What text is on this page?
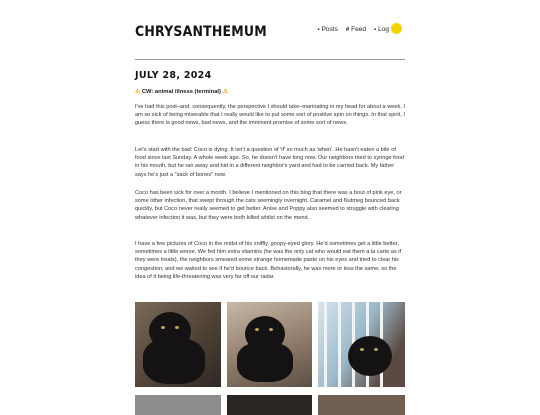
CHRYSANTHEMUM	▪ Posts # Feed ▪ Log
JULY 28, 2024
⚠ CW: animal illness (terminal) ⚠

I've had this post–and, consequently, the perspective I should take–marinating in my head for about a week. I am so sick of being miserable that I really would like to put some sort of positive spin on things. In that spirit, I guess there is good news, bad news, and the imminent promise of some sort of news.

Let's start with the bad: Coco is dying. It isn't a question of 'if' so much as 'when'. He hasn't eaten a bite of food since last Sunday. A whole week ago. So, he doesn't have long now. Our neighbors tried to syringe food in his mouth, but he ran away and hid in a different neighbor's yard and had to be carried back. My father says he's just a "sack of bones" now.

Coco has been sick for over a month. I believe I mentioned on this blog that there was a bout of pink eye, or some other infection, that swept through the cats seemingly overnight. Caramel and Nutmeg bounced back quickly, but Coco never really seemed to get better. Anise and Poppy also seemed to struggle with clearing whatever infection it was, but they were both killed whilst on the mend.

I have a few pictures of Coco in the midst of his sniffly, goopy-eyed glory. He'd sometimes get a little better, sometimes a little worse. We fed him extra vitamins (he was the only cat who would eat them a la carte as if they were treats), the neighbors smeared some strange homemade paste on his eyes and tried to clear his congestion, and we waited to see if he'd bounce back. Behaviorally, he was more or less the same, so the idea of it being life-threatening was very far off our radar.
